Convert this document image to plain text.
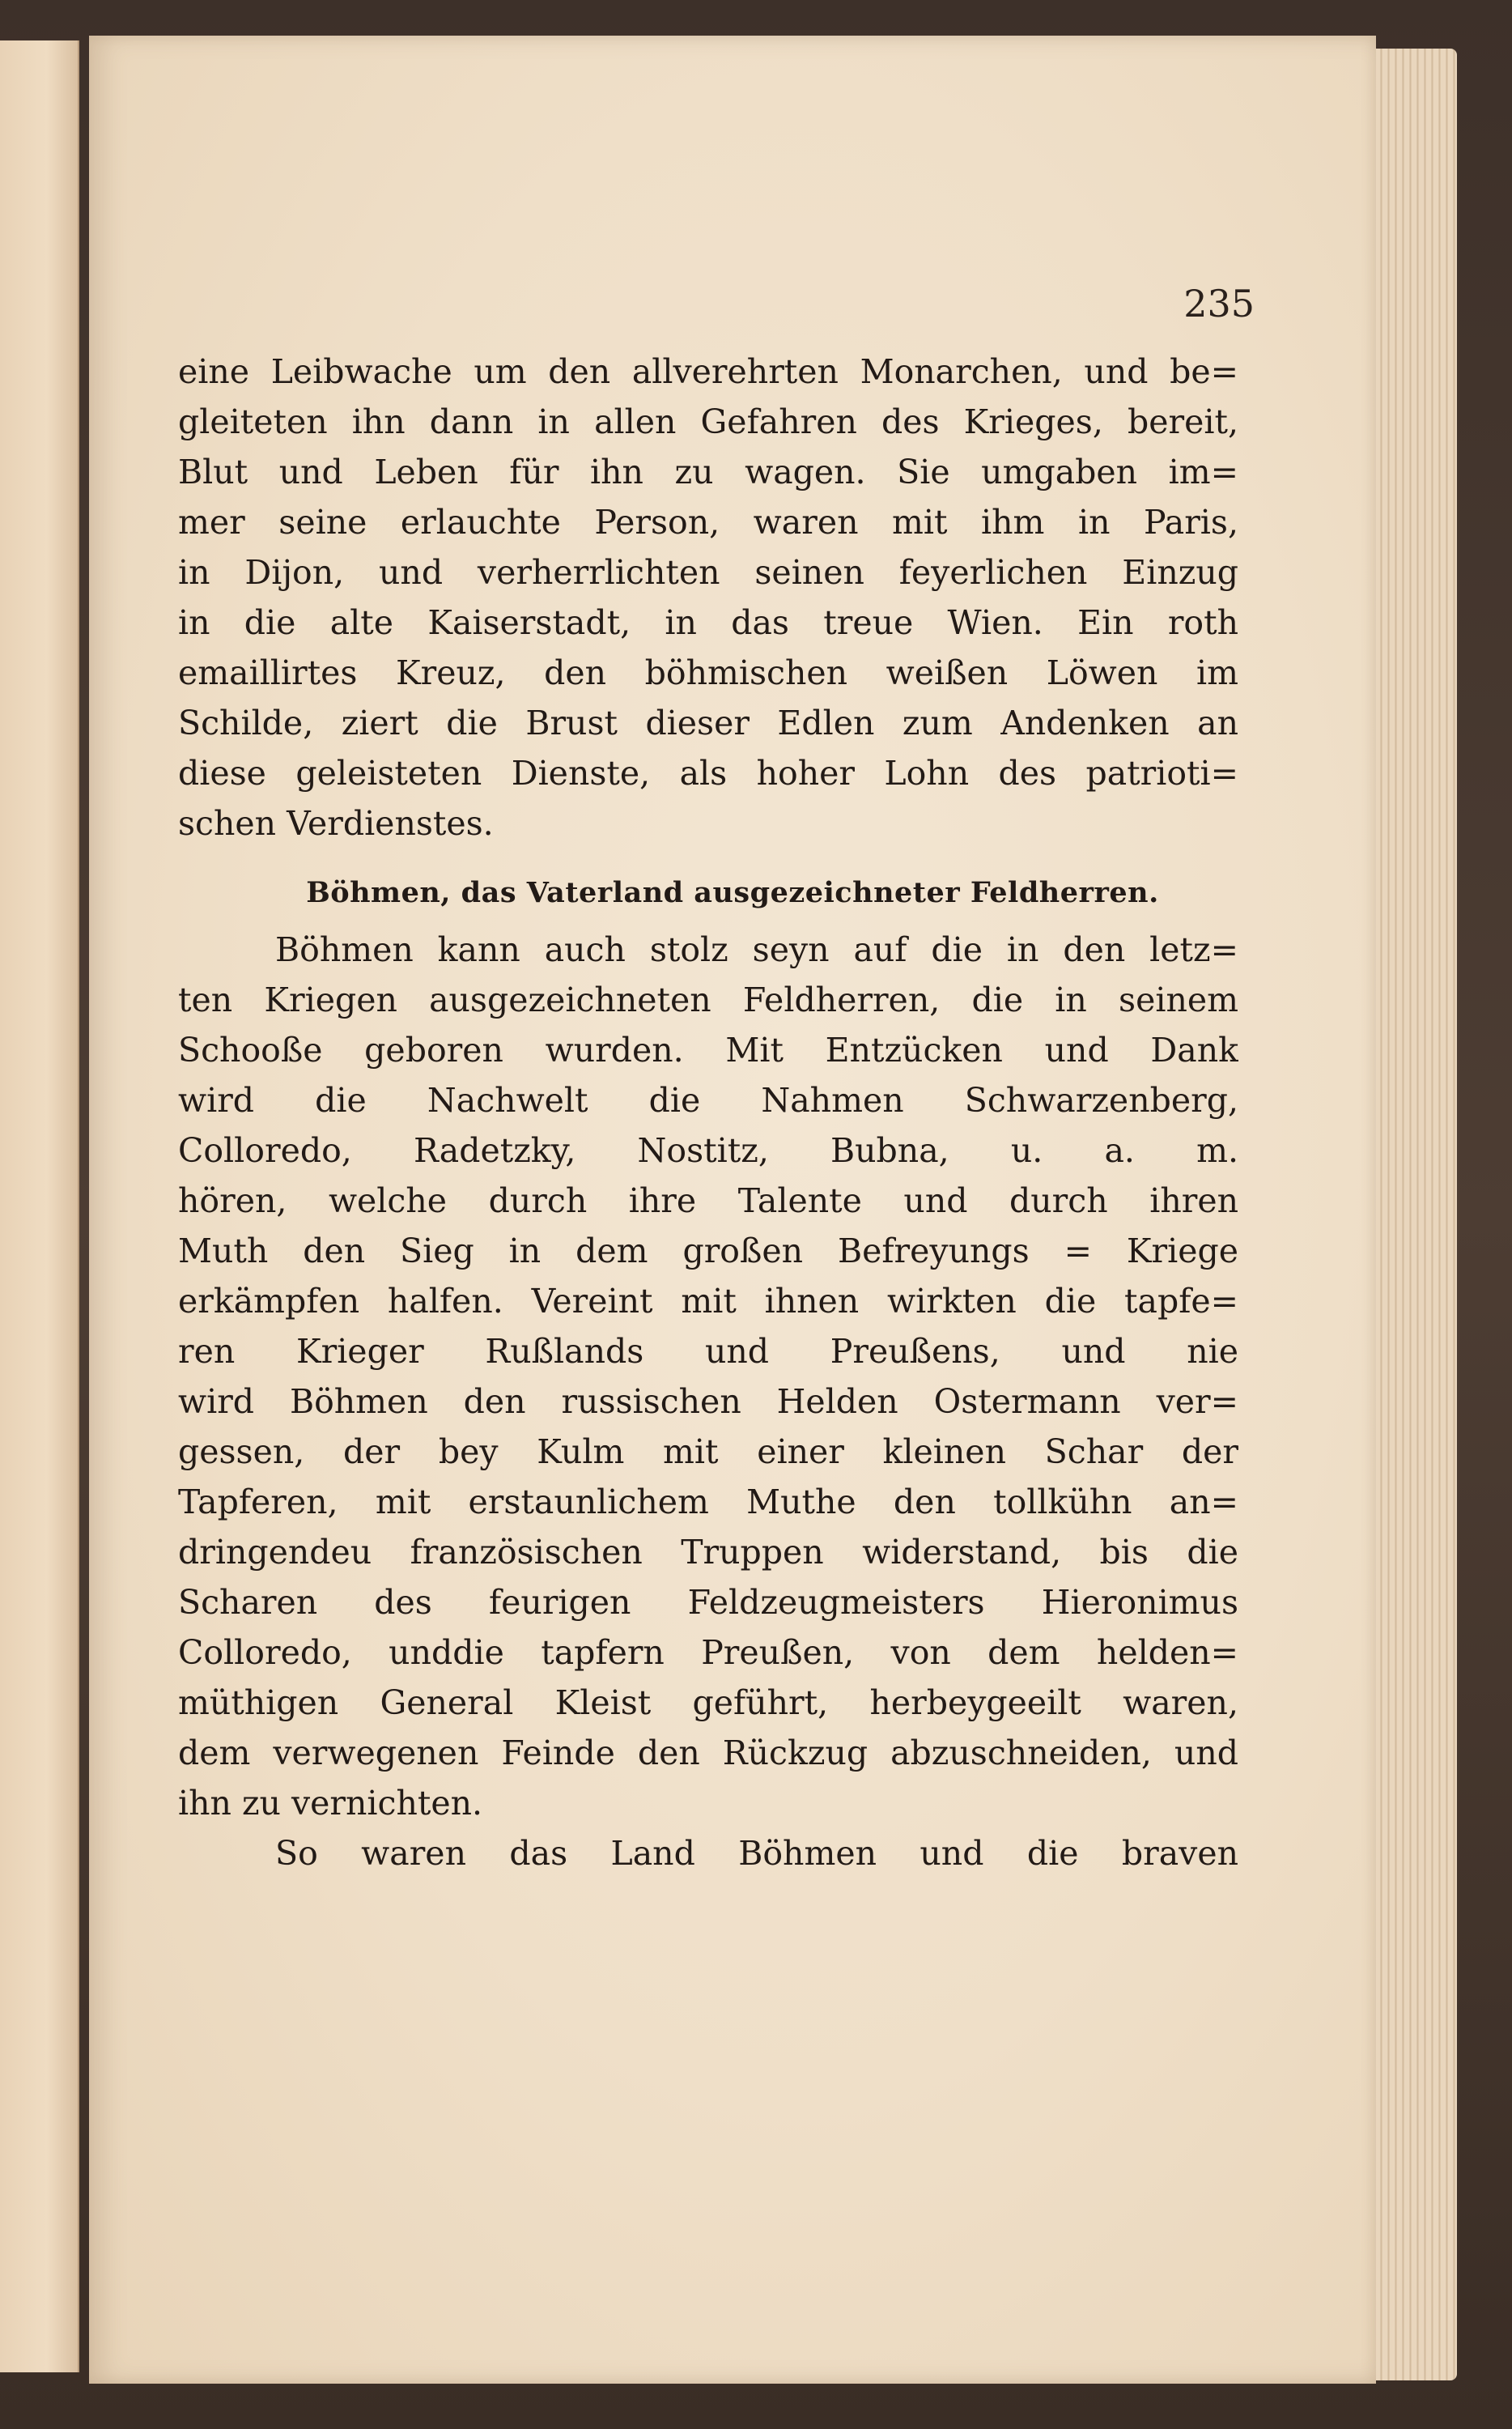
235
eine Leibwache um den allverehrten Monarchen, und be=
gleiteten ihn dann in allen Gefahren des Krieges, bereit,
Blut und Leben für ihn zu wagen. Sie umgaben im=
mer seine erlauchte Person, waren mit ihm in Paris,
in Dijon, und verherrlichten seinen feyerlichen Einzug
in die alte Kaiserstadt, in das treue Wien. Ein roth
emaillirtes Kreuz, den böhmischen weißen Löwen im
Schilde, ziert die Brust dieser Edlen zum Andenken an
diese geleisteten Dienste, als hoher Lohn des patrioti=
schen Verdienstes.
Böhmen, das Vaterland ausgezeichneter Feldherren.
Böhmen kann auch stolz seyn auf die in den letz=
ten Kriegen ausgezeichneten Feldherren, die in seinem
Schooße geboren wurden. Mit Entzücken und Dank
wird die Nachwelt die Nahmen Schwarzenberg,
Colloredo, Radetzky, Nostitz, Bubna, u. a. m.
hören, welche durch ihre Talente und durch ihren
Muth den Sieg in dem großen Befreyungs = Kriege
erkämpfen halfen. Vereint mit ihnen wirkten die tapfe=
ren Krieger Rußlands und Preußens, und nie
wird Böhmen den russischen Helden Ostermann ver=
gessen, der bey Kulm mit einer kleinen Schar der
Tapferen, mit erstaunlichem Muthe den tollkühn an=
dringendeu französischen Truppen widerstand, bis die
Scharen des feurigen Feldzeugmeisters Hieronimus
Colloredo, unddie tapfern Preußen, von dem helden=
müthigen General Kleist geführt, herbeygeeilt waren,
dem verwegenen Feinde den Rückzug abzuschneiden, und
ihn zu vernichten.
So waren das Land Böhmen und die braven
